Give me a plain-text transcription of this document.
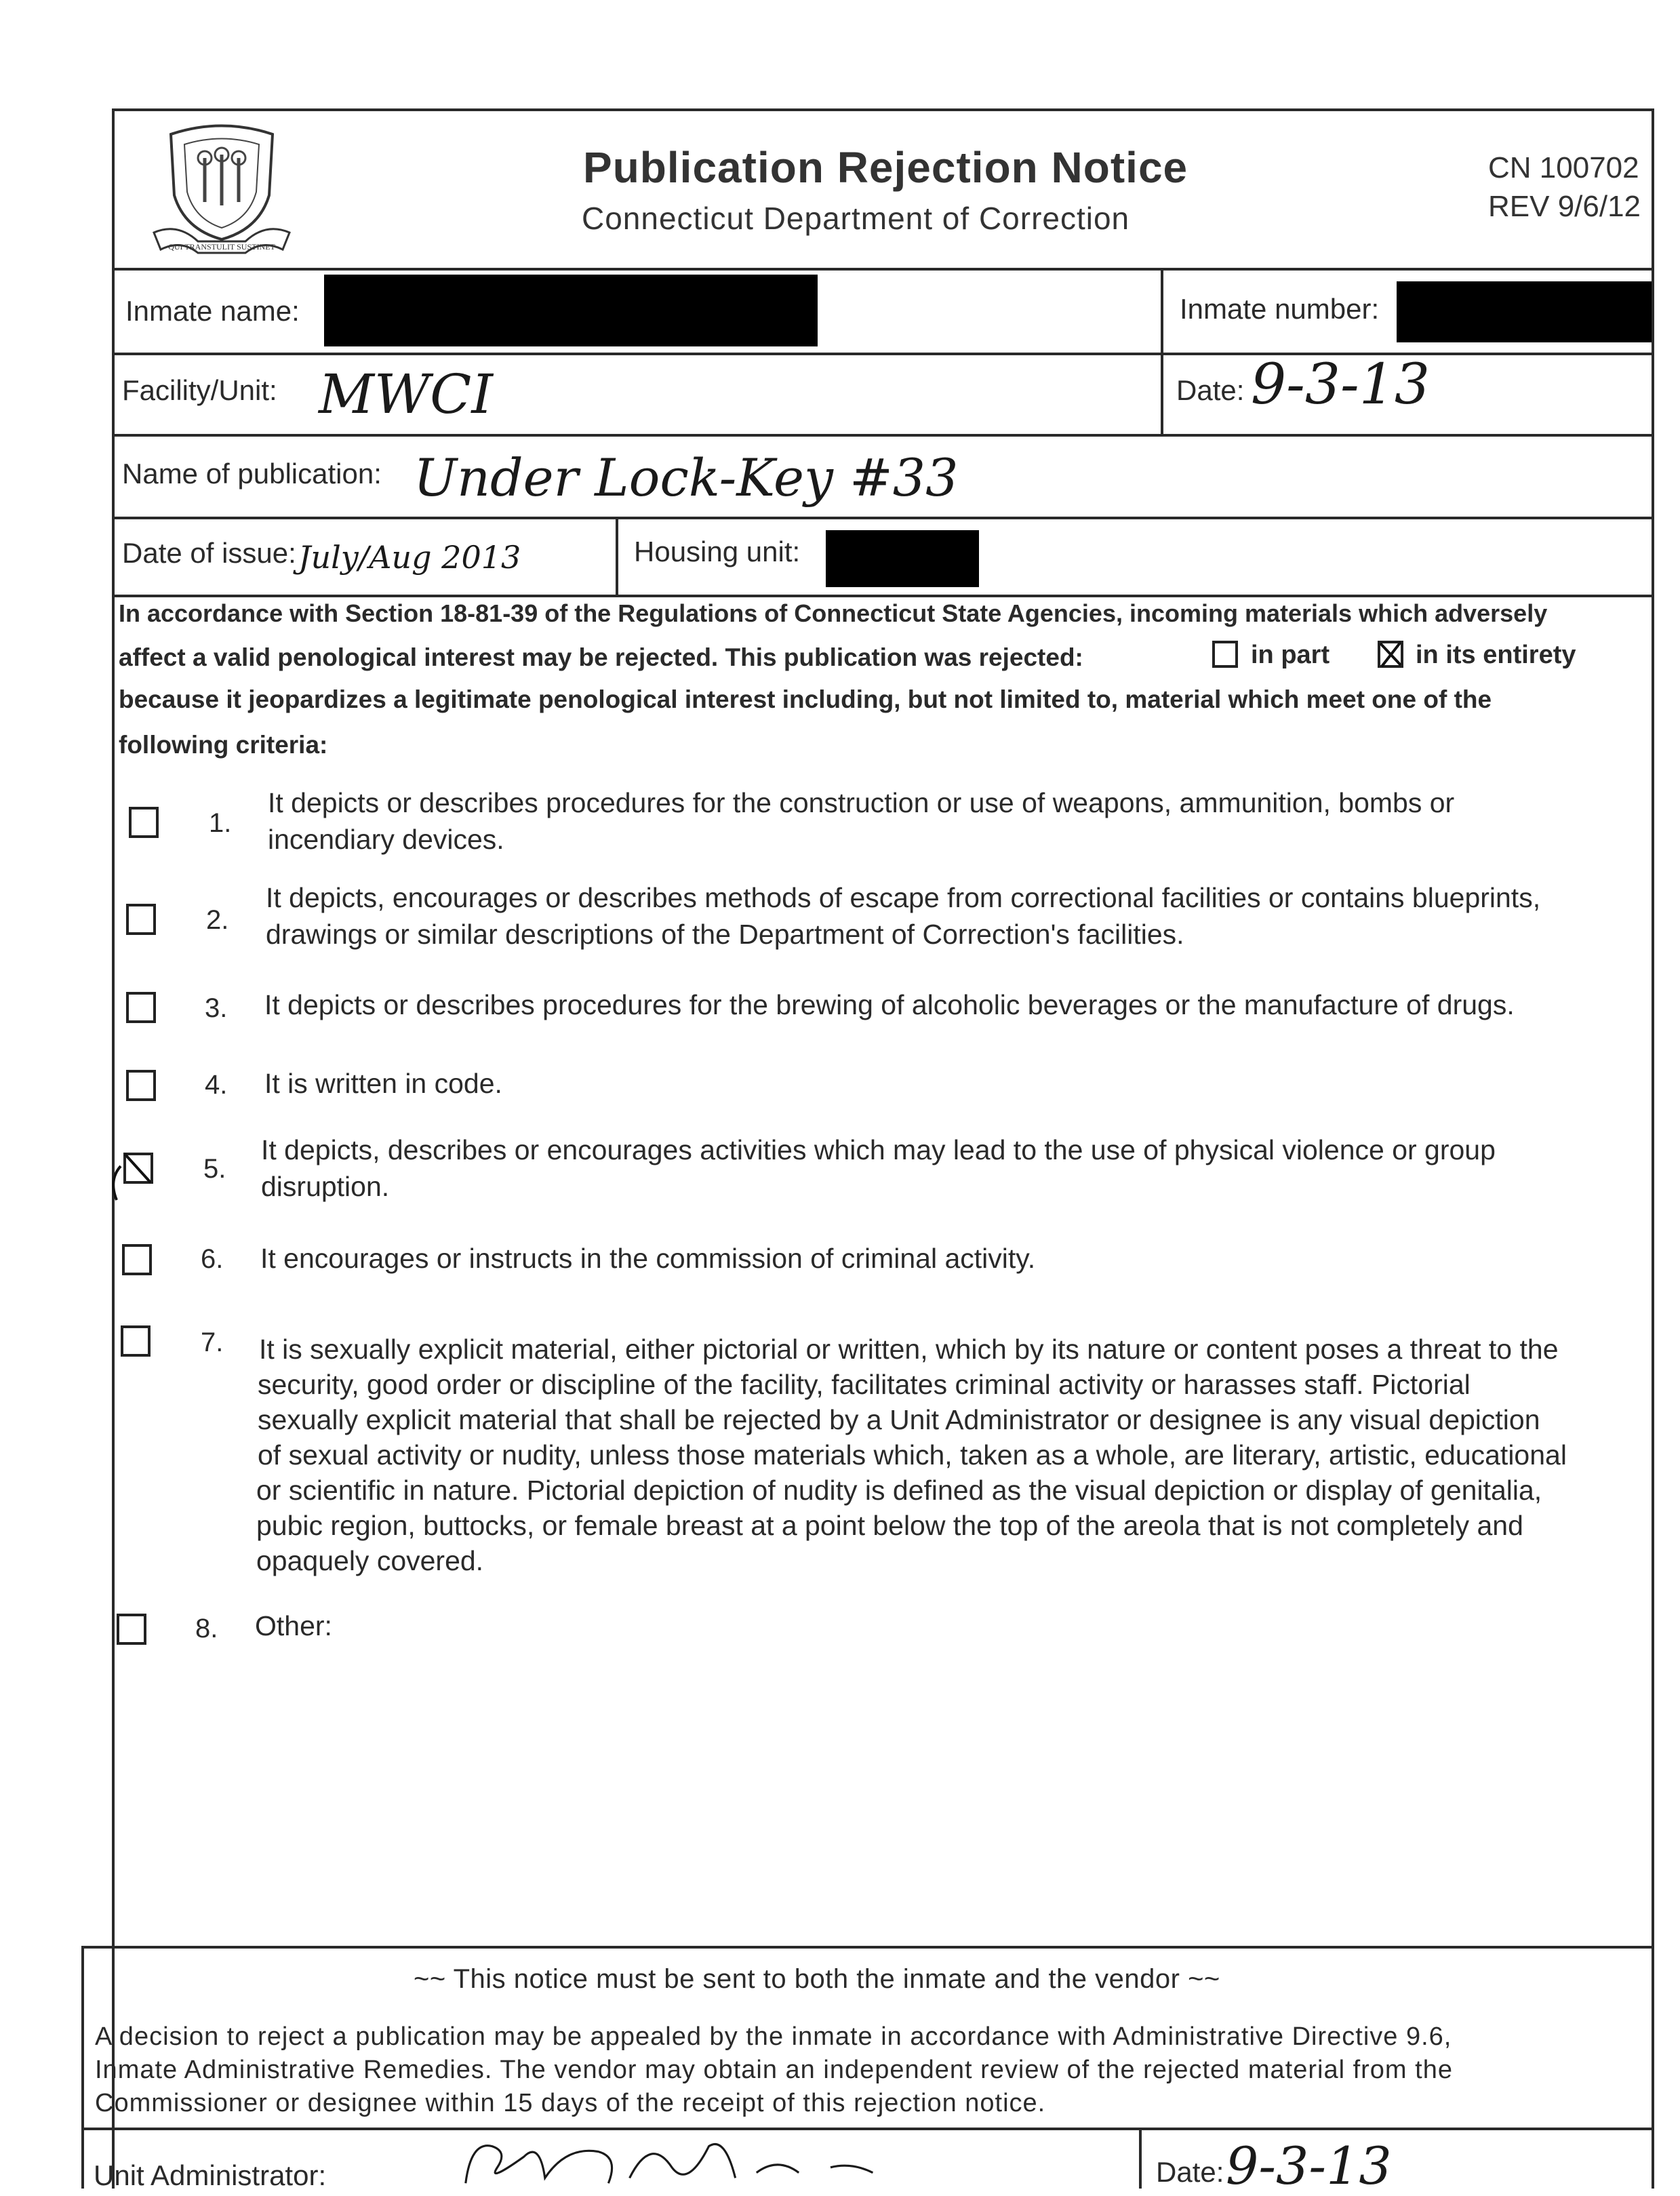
QUI TRANSTULIT SUSTINET
Publication Rejection Notice
Connecticut Department of Correction
CN 100702
REV 9/6/12
Inmate name:	Inmate number:
Facility/Unit: MWCI	Date: 9-3-13
Name of publication: Under Lock-Key #33
Date of issue: July/Aug 2013	Housing unit:
In accordance with Section 18-81-39 of the Regulations of Connecticut State Agencies, incoming materials which adversely
affect a valid penological interest may be rejected. This publication was rejected:	in part	in its entirety
because it jeopardizes a legitimate penological interest including, but not limited to, material which meet one of the
following criteria:
1.
It depicts or describes procedures for the construction or use of weapons, ammunition, bombs or
incendiary devices.
2.
It depicts, encourages or describes methods of escape from correctional facilities or contains blueprints,
drawings or similar descriptions of the Department of Correction's facilities.
3. It depicts or describes procedures for the brewing of alcoholic beverages or the manufacture of drugs.
4. It is written in code.
5.
It depicts, describes or encourages activities which may lead to the use of physical violence or group
disruption.
6. It encourages or instructs in the commission of criminal activity.
7. It is sexually explicit material, either pictorial or written, which by its nature or content poses a threat to the
security, good order or discipline of the facility, facilitates criminal activity or harasses staff. Pictorial
sexually explicit material that shall be rejected by a Unit Administrator or designee is any visual depiction
of sexual activity or nudity, unless those materials which, taken as a whole, are literary, artistic, educational
or scientific in nature. Pictorial depiction of nudity is defined as the visual depiction or display of genitalia,
pubic region, buttocks, or female breast at a point below the top of the areola that is not completely and
opaquely covered.
8. Other:
~~ This notice must be sent to both the inmate and the vendor ~~
A decision to reject a publication may be appealed by the inmate in accordance with Administrative Directive 9.6,
Inmate Administrative Remedies. The vendor may obtain an independent review of the rejected material from the
Commissioner or designee within 15 days of the receipt of this rejection notice.
Unit Administrator:	Date: 9-3-13
